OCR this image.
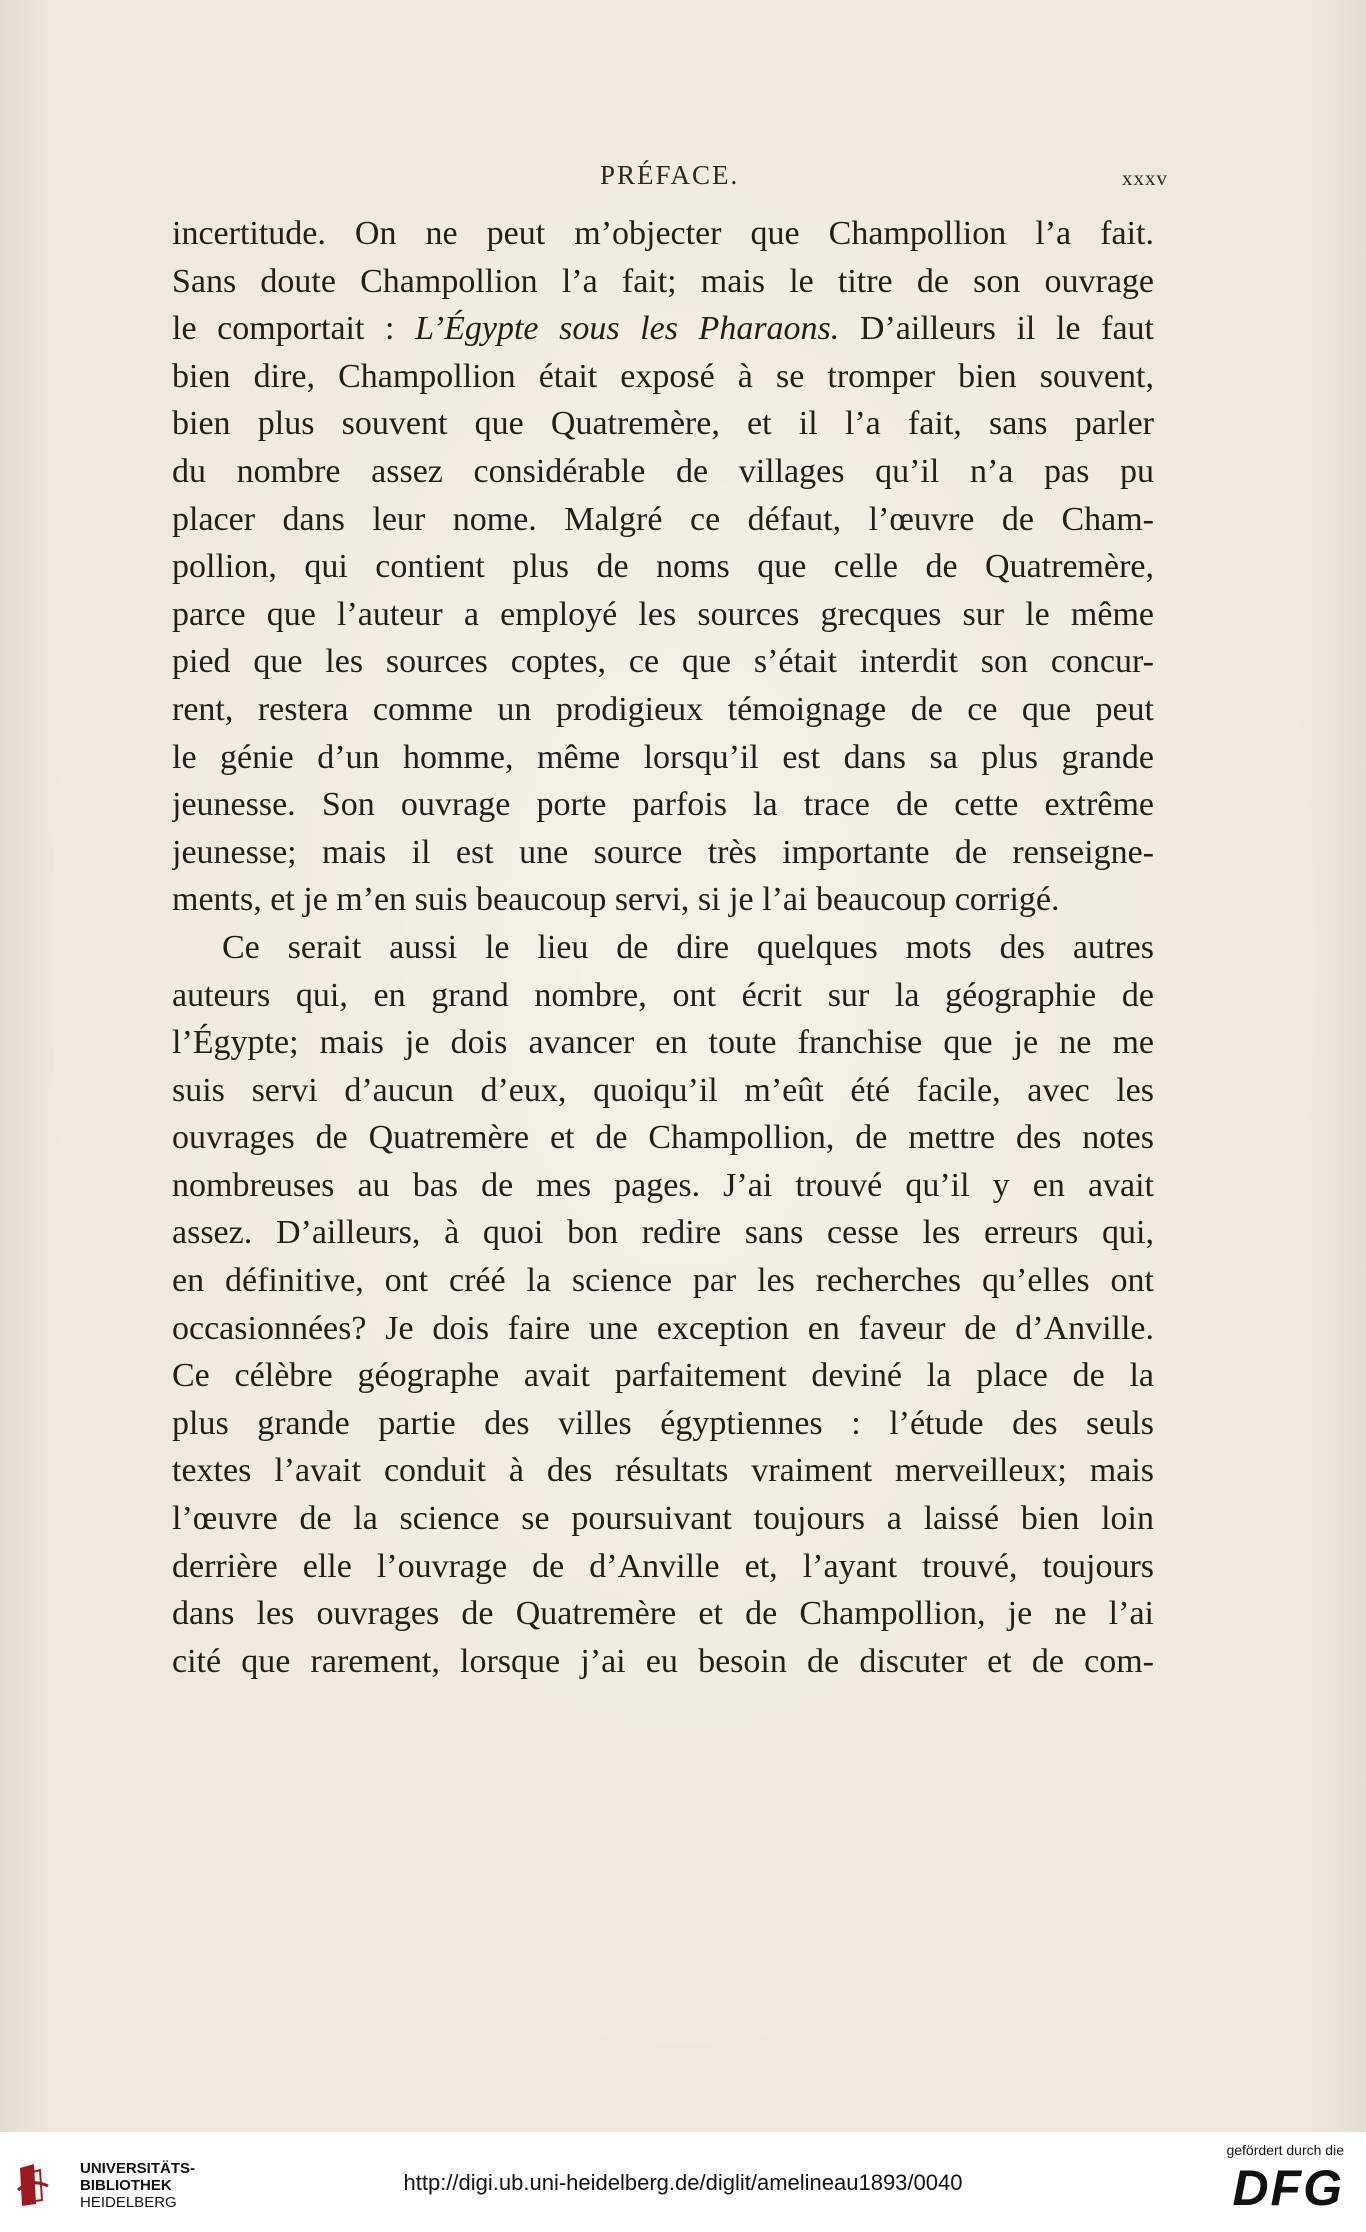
PRÉFACE.	xxxv
incertitude. On ne peut m’objecter que Champollion l’a fait.
Sans doute Champollion l’a fait; mais le titre de son ouvrage
le comportait : L’Égypte sous les Pharaons. D’ailleurs il le faut
bien dire, Champollion était exposé à se tromper bien souvent,
bien plus souvent que Quatremère, et il l’a fait, sans parler
du nombre assez considérable de villages qu’il n’a pas pu
placer dans leur nome. Malgré ce défaut, l’œuvre de Cham-
pollion, qui contient plus de noms que celle de Quatremère,
parce que l’auteur a employé les sources grecques sur le même
pied que les sources coptes, ce que s’était interdit son concur-
rent, restera comme un prodigieux témoignage de ce que peut
le génie d’un homme, même lorsqu’il est dans sa plus grande
jeunesse. Son ouvrage porte parfois la trace de cette extrême
jeunesse; mais il est une source très importante de renseigne-
ments, et je m’en suis beaucoup servi, si je l’ai beaucoup corrigé.
Ce serait aussi le lieu de dire quelques mots des autres
auteurs qui, en grand nombre, ont écrit sur la géographie de
l’Égypte; mais je dois avancer en toute franchise que je ne me
suis servi d’aucun d’eux, quoiqu’il m’eût été facile, avec les
ouvrages de Quatremère et de Champollion, de mettre des notes
nombreuses au bas de mes pages. J’ai trouvé qu’il y en avait
assez. D’ailleurs, à quoi bon redire sans cesse les erreurs qui,
en définitive, ont créé la science par les recherches qu’elles ont
occasionnées? Je dois faire une exception en faveur de d’Anville.
Ce célèbre géographe avait parfaitement deviné la place de la
plus grande partie des villes égyptiennes : l’étude des seuls
textes l’avait conduit à des résultats vraiment merveilleux; mais
l’œuvre de la science se poursuivant toujours a laissé bien loin
derrière elle l’ouvrage de d’Anville et, l’ayant trouvé, toujours
dans les ouvrages de Quatremère et de Champollion, je ne l’ai
cité que rarement, lorsque j’ai eu besoin de discuter et de com-
UNIVERSITÄTS-
BIBLIOTHEK
HEIDELBERG
http://digi.ub.uni-heidelberg.de/diglit/amelineau1893/0040
gefördert durch die
DFG
